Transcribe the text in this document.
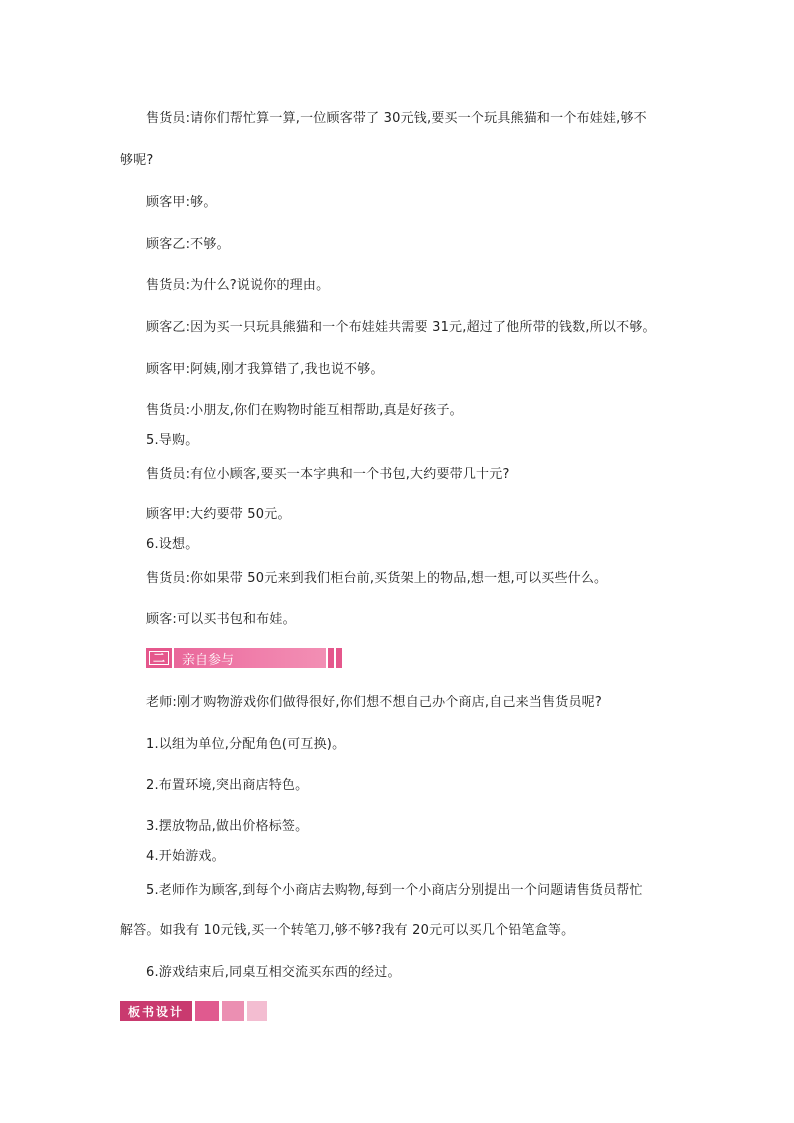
售货员:请你们帮忙算一算,一位顾客带了 30元钱,要买一个玩具熊猫和一个布娃娃,够不
够呢?
顾客甲:够。
顾客乙:不够。
售货员:为什么?说说你的理由。
顾客乙:因为买一只玩具熊猫和一个布娃娃共需要 31元,超过了他所带的钱数,所以不够。
顾客甲:阿姨,刚才我算错了,我也说不够。
售货员:小朋友,你们在购物时能互相帮助,真是好孩子。
5.导购。
售货员:有位小顾客,要买一本字典和一个书包,大约要带几十元?
顾客甲:大约要带 50元。
6.设想。
售货员:你如果带 50元来到我们柜台前,买货架上的物品,想一想,可以买些什么。
顾客:可以买书包和布娃。
二	亲自参与
老师:刚才购物游戏你们做得很好,你们想不想自己办个商店,自己来当售货员呢?
1.以组为单位,分配角色(可互换)。
2.布置环境,突出商店特色。
3.摆放物品,做出价格标签。
4.开始游戏。
5.老师作为顾客,到每个小商店去购物,每到一个小商店分别提出一个问题请售货员帮忙
解答。如我有 10元钱,买一个转笔刀,够不够?我有 20元可以买几个铅笔盒等。
6.游戏结束后,同桌互相交流买东西的经过。
板书设计
